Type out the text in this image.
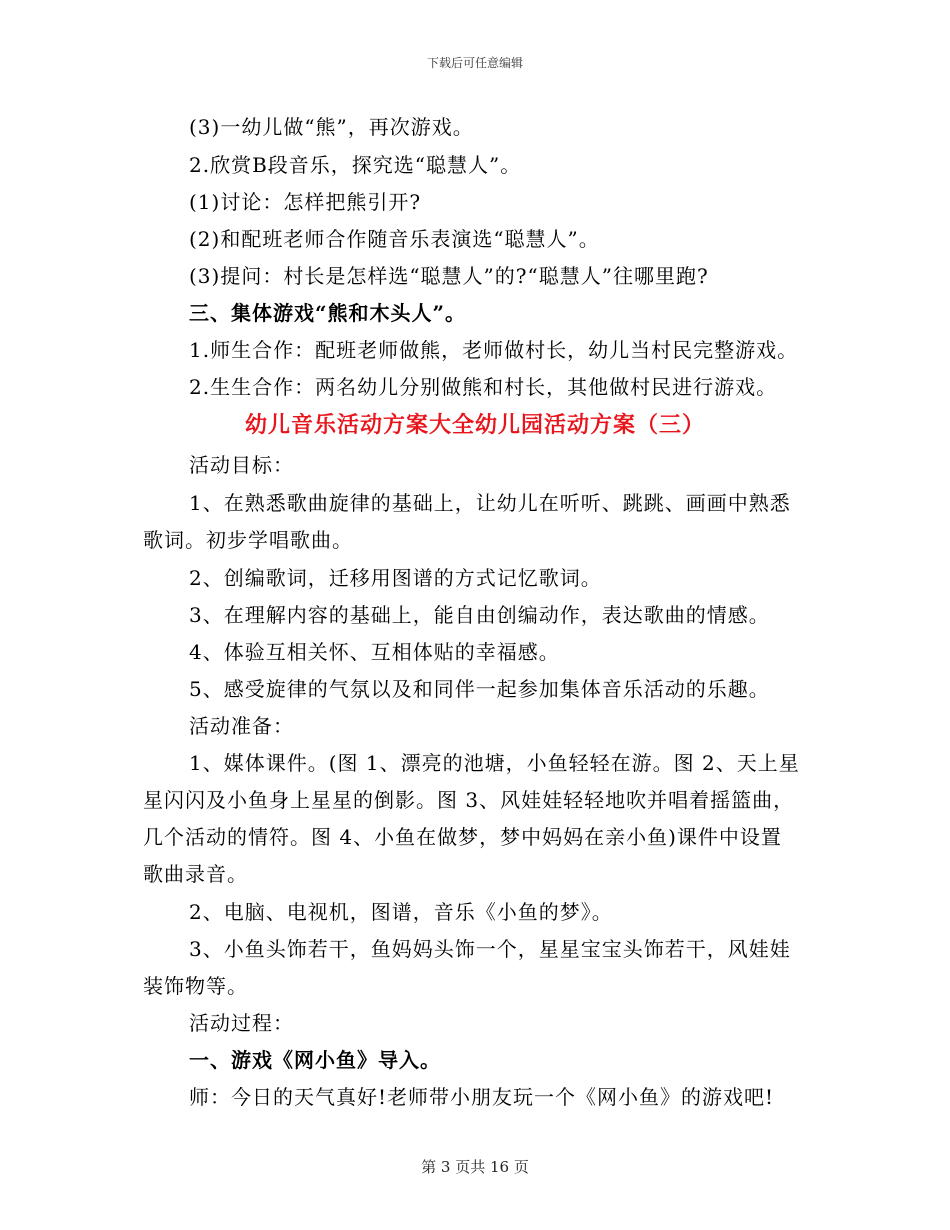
下载后可任意编辑
(3)一幼儿做“熊”，再次游戏。
2.欣赏B段音乐，探究选“聪慧人”。
(1)讨论：怎样把熊引开?
(2)和配班老师合作随音乐表演选“聪慧人”。
(3)提问：村长是怎样选“聪慧人”的?“聪慧人”往哪里跑?
三、集体游戏“熊和木头人”。
1.师生合作：配班老师做熊，老师做村长，幼儿当村民完整游戏。
2.生生合作：两名幼儿分别做熊和村长，其他做村民进行游戏。
幼儿音乐活动方案大全幼儿园活动方案（三）
活动目标：
1、在熟悉歌曲旋律的基础上，让幼儿在听听、跳跳、画画中熟悉
歌词。初步学唱歌曲。
2、创编歌词，迁移用图谱的方式记忆歌词。
3、在理解内容的基础上，能自由创编动作，表达歌曲的情感。
4、体验互相关怀、互相体贴的幸福感。
5、感受旋律的气氛以及和同伴一起参加集体音乐活动的乐趣。
活动准备：
1、媒体课件。(图 1、漂亮的池塘，小鱼轻轻在游。图 2、天上星
星闪闪及小鱼身上星星的倒影。图 3、风娃娃轻轻地吹并唱着摇篮曲，
几个活动的情符。图 4、小鱼在做梦，梦中妈妈在亲小鱼)课件中设置
歌曲录音。
2、电脑、电视机，图谱，音乐《小鱼的梦》。
3、小鱼头饰若干，鱼妈妈头饰一个，星星宝宝头饰若干，风娃娃
装饰物等。
活动过程：
一、游戏《网小鱼》导入。
师：今日的天气真好!老师带小朋友玩一个《网小鱼》的游戏吧!
第 3 页共 16 页
